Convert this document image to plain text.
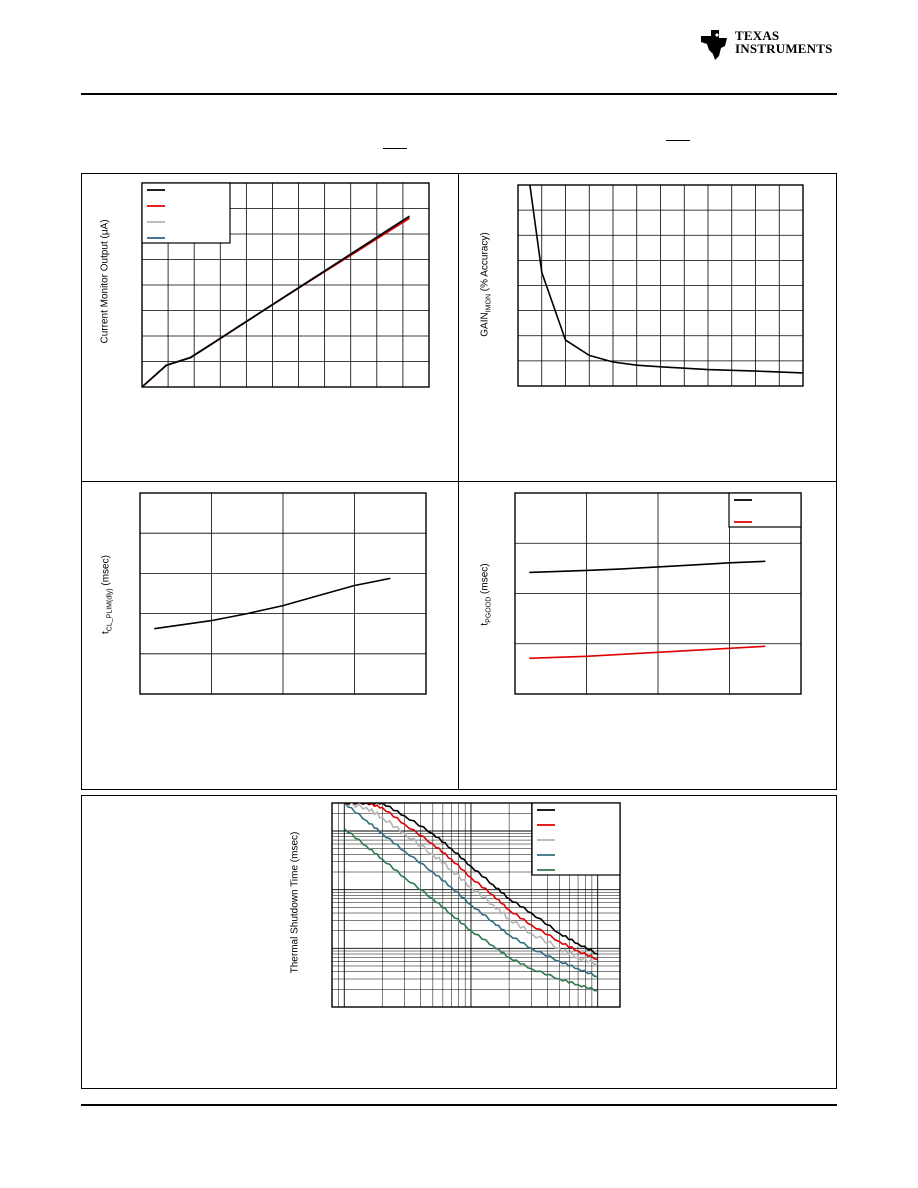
TEXAS
INSTRUMENTS
Current Monitor Output (μA)	$GAIN_{IMON}$ (% Accuracy)
$t_{CL\_PLIM(dly)}$ (msec)
$t_{PGOOD}$ (msec)
Thermal Shutdown Time (msec)
